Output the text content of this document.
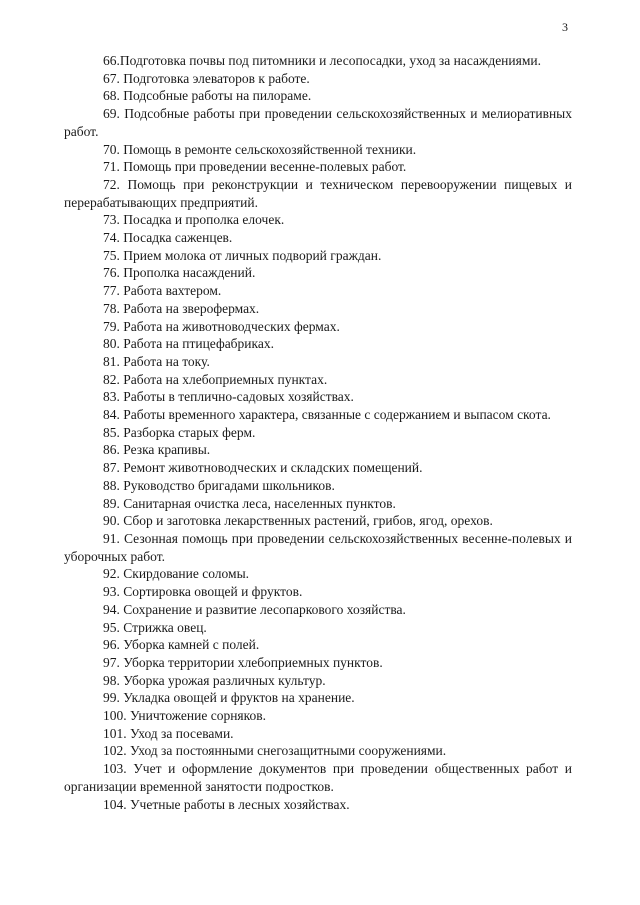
3

66.Подготовка почвы под питомники и лесопосадки, уход за насаждениями.

67. Подготовка элеваторов к работе.

68. Подсобные работы на пилораме.

69. Подсобные работы при проведении сельскохозяйственных и мелиоративных работ.

70. Помощь в ремонте сельскохозяйственной техники.

71. Помощь при проведении весенне-полевых работ.

72. Помощь при реконструкции и техническом перевооружении пищевых и перерабатывающих предприятий.

73. Посадка и прополка елочек.

74. Посадка саженцев.

75. Прием молока от личных подворий граждан.

76. Прополка насаждений.

77. Работа вахтером.

78. Работа на зверофермах.

79. Работа на животноводческих фермах.

80. Работа на птицефабриках.

81. Работа на току.

82. Работа на хлебоприемных пунктах.

83. Работы в теплично-садовых хозяйствах.

84. Работы временного характера, связанные с содержанием и выпасом скота.

85. Разборка старых ферм.

86. Резка крапивы.

87. Ремонт животноводческих и складских помещений.

88. Руководство бригадами школьников.

89. Санитарная очистка леса, населенных пунктов.

90. Сбор и заготовка лекарственных растений, грибов, ягод, орехов.

91. Сезонная помощь при проведении сельскохозяйственных весенне-полевых и уборочных работ.

92. Скирдование соломы.

93. Сортировка овощей и фруктов.

94. Сохранение и развитие лесопаркового хозяйства.

95. Стрижка овец.

96. Уборка камней с полей.

97. Уборка территории хлебоприемных пунктов.

98. Уборка урожая различных культур.

99. Укладка овощей и фруктов на хранение.

100. Уничтожение сорняков.

101. Уход за посевами.

102. Уход за постоянными снегозащитными сооружениями.

103. Учет и оформление документов при проведении общественных работ и организации временной занятости подростков.

104. Учетные работы в лесных хозяйствах.
